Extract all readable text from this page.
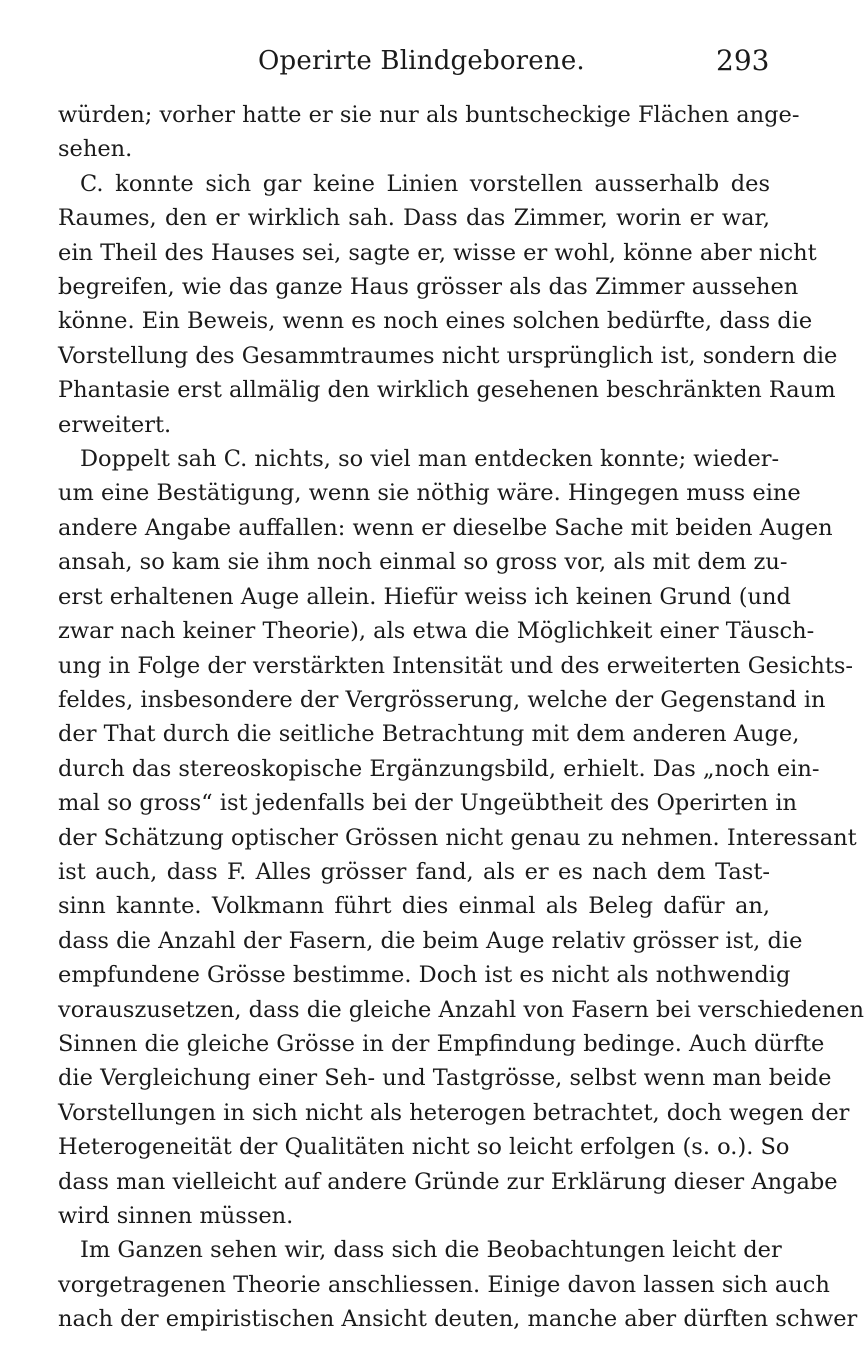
Operirte Blindgeborene.	293
würden; vorher hatte er sie nur als buntscheckige Flächen ange-
sehen.
C. konnte sich gar keine Linien vorstellen ausserhalb des
Raumes, den er wirklich sah. Dass das Zimmer, worin er war,
ein Theil des Hauses sei, sagte er, wisse er wohl, könne aber nicht
begreifen, wie das ganze Haus grösser als das Zimmer aussehen
könne. Ein Beweis, wenn es noch eines solchen bedürfte, dass die
Vorstellung des Gesammtraumes nicht ursprünglich ist, sondern die
Phantasie erst allmälig den wirklich gesehenen beschränkten Raum
erweitert.
Doppelt sah C. nichts, so viel man entdecken konnte; wieder-
um eine Bestätigung, wenn sie nöthig wäre. Hingegen muss eine
andere Angabe auffallen: wenn er dieselbe Sache mit beiden Augen
ansah, so kam sie ihm noch einmal so gross vor, als mit dem zu-
erst erhaltenen Auge allein. Hiefür weiss ich keinen Grund (und
zwar nach keiner Theorie), als etwa die Möglichkeit einer Täusch-
ung in Folge der verstärkten Intensität und des erweiterten Gesichts-
feldes, insbesondere der Vergrösserung, welche der Gegenstand in
der That durch die seitliche Betrachtung mit dem anderen Auge,
durch das stereoskopische Ergänzungsbild, erhielt. Das „noch ein-
mal so gross“ ist jedenfalls bei der Ungeübtheit des Operirten in
der Schätzung optischer Grössen nicht genau zu nehmen. Interessant
ist auch, dass F. Alles grösser fand, als er es nach dem Tast-
sinn kannte. Volkmann führt dies einmal als Beleg dafür an,
dass die Anzahl der Fasern, die beim Auge relativ grösser ist, die
empfundene Grösse bestimme. Doch ist es nicht als nothwendig
vorauszusetzen, dass die gleiche Anzahl von Fasern bei verschiedenen
Sinnen die gleiche Grösse in der Empfindung bedinge. Auch dürfte
die Vergleichung einer Seh- und Tastgrösse, selbst wenn man beide
Vorstellungen in sich nicht als heterogen betrachtet, doch wegen der
Heterogeneität der Qualitäten nicht so leicht erfolgen (s. o.). So
dass man vielleicht auf andere Gründe zur Erklärung dieser Angabe
wird sinnen müssen.
Im Ganzen sehen wir, dass sich die Beobachtungen leicht der
vorgetragenen Theorie anschliessen. Einige davon lassen sich auch
nach der empiristischen Ansicht deuten, manche aber dürften schwer
